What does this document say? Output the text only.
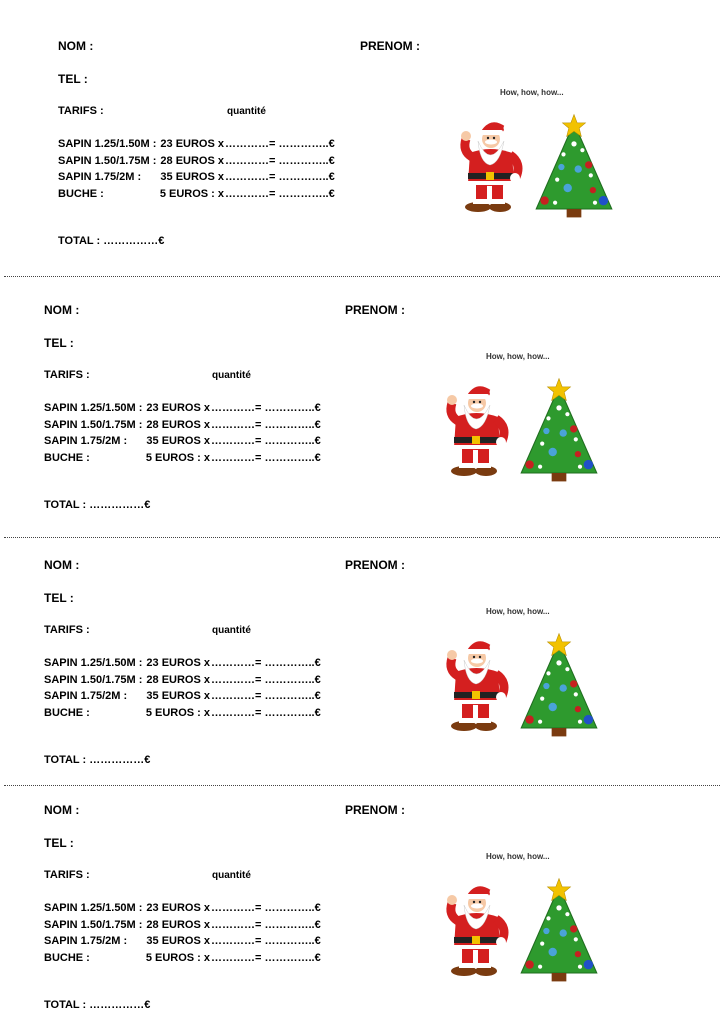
NOM :	PRENOM :
TEL :
TARIFS :	quantité
SAPIN 1.25/1.50M : 23 EUROS x …………= …………..€
SAPIN 1.50/1.75M : 28 EUROS x …………= …………..€
SAPIN 1.75/2M :	35 EUROS x …………= …………..€
BUCHE :	5 EUROS : x …………= …………..€
TOTAL : ……………€
How, how, how...
NOM :	PRENOM :
TEL :
TARIFS :	quantité
SAPIN 1.25/1.50M : 23 EUROS x …………= …………..€
SAPIN 1.50/1.75M : 28 EUROS x …………= …………..€
SAPIN 1.75/2M :	35 EUROS x …………= …………..€
BUCHE :	5 EUROS : x …………= …………..€
TOTAL : ……………€
How, how, how...
NOM :	PRENOM :
TEL :
TARIFS :	quantité
SAPIN 1.25/1.50M : 23 EUROS x …………= …………..€
SAPIN 1.50/1.75M : 28 EUROS x …………= …………..€
SAPIN 1.75/2M :	35 EUROS x …………= …………..€
BUCHE :	5 EUROS : x …………= …………..€
TOTAL : ……………€
How, how, how...
NOM :	PRENOM :
TEL :
TARIFS :	quantité
SAPIN 1.25/1.50M : 23 EUROS x …………= …………..€
SAPIN 1.50/1.75M : 28 EUROS x …………= …………..€
SAPIN 1.75/2M :	35 EUROS x …………= …………..€
BUCHE :	5 EUROS : x …………= …………..€
TOTAL : ……………€
How, how, how...
